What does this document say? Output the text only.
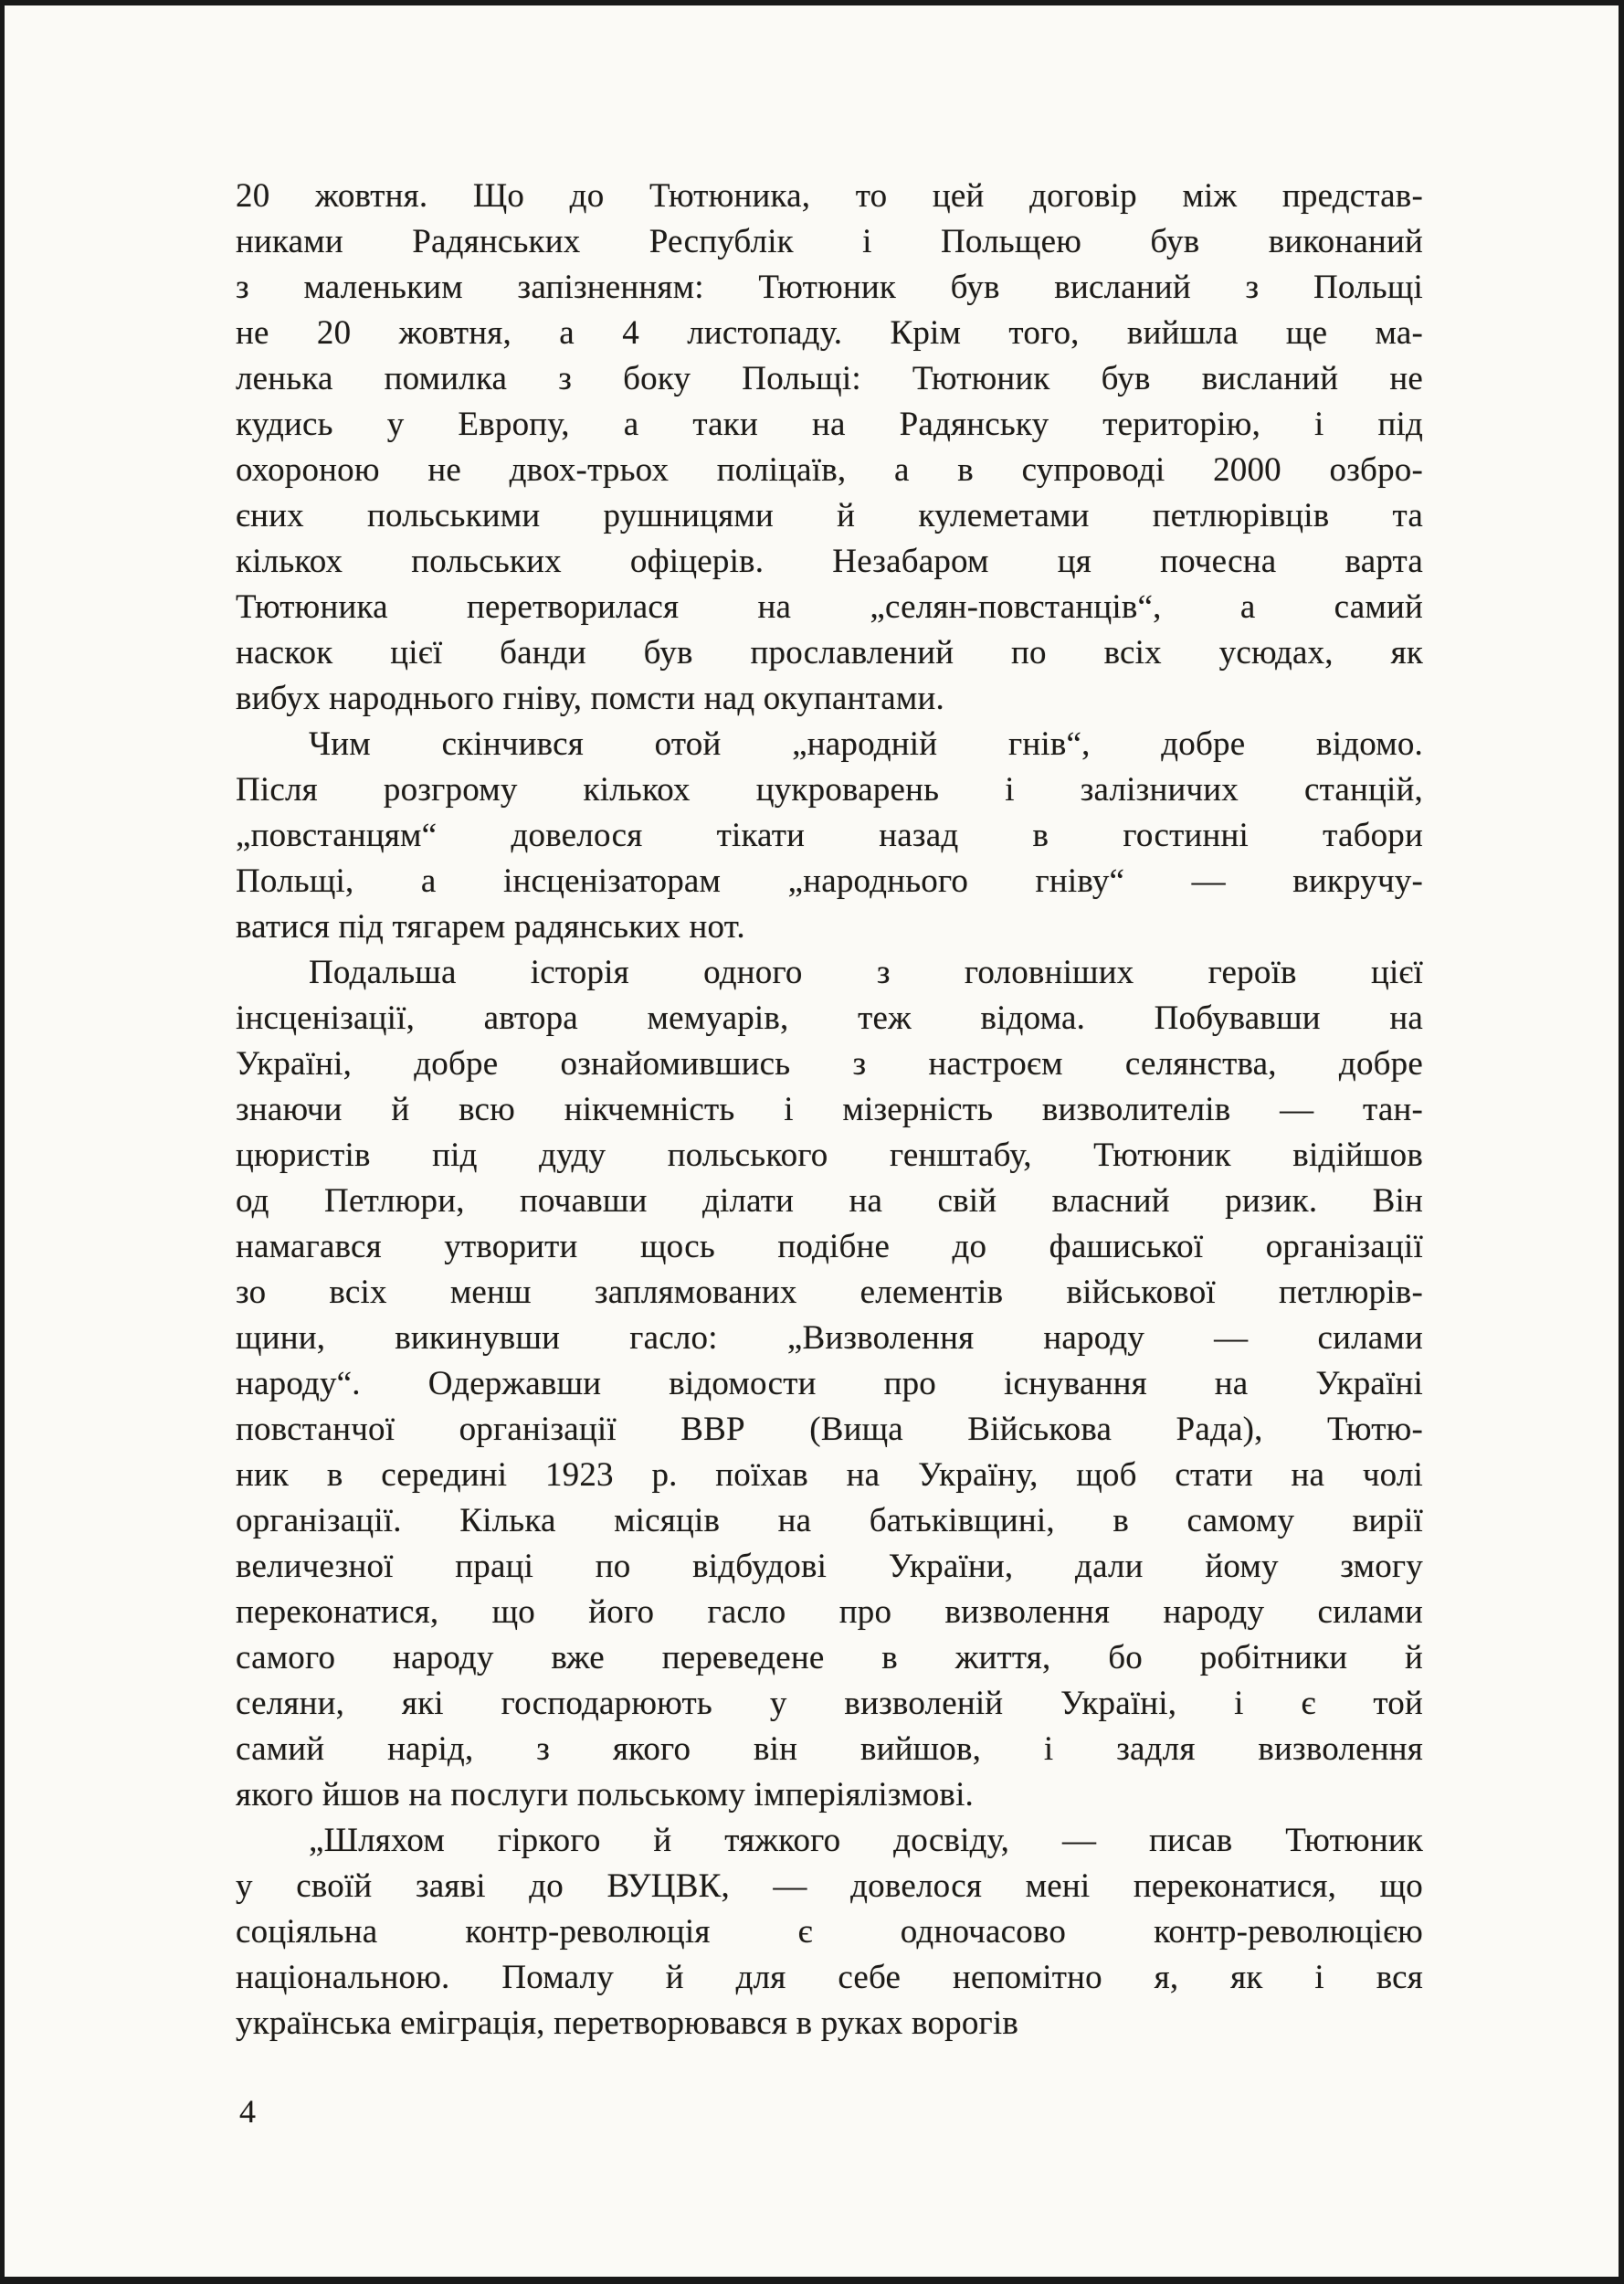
20 жовтня. Що до Тютюника, то цей договір між представ-
никами Радянських Республік і Польщею був виконаний
з маленьким запізненням: Тютюник був висланий з Польщі
не 20 жовтня, а 4 листопаду. Крім того, вийшла ще ма-
ленька помилка з боку Польщі: Тютюник був висланий не
кудись у Европу, а таки на Радянську територію, і під
охороною не двох-трьох поліцаїв, а в супроводі 2000 озбро-
єних польськими рушницями й кулеметами петлюрівців та
кількох польських офіцерів. Незабаром ця почесна варта
Тютюника перетворилася на „селян-повстанців“, а самий
наскок цієї банди був прославлений по всіх усюдах, як
вибух народнього гніву, помсти над окупантами.
Чим скінчився отой „народній гнів“, добре відомо.
Після розгрому кількох цукроварень і залізничих станцій,
„повстанцям“ довелося тікати назад в гостинні табори
Польщі, а інсценізаторам „народнього гніву“ — викручу-
ватися під тягарем радянських нот.
Подальша історія одного з головніших героїв цієї
інсценізації, автора мемуарів, теж відома. Побувавши на
Україні, добре ознайомившись з настроєм селянства, добре
знаючи й всю нікчемність і мізерність визволителів — тан-
цюристів під дуду польського генштабу, Тютюник відійшов
од Петлюри, почавши ділати на свій власний ризик. Він
намагався утворити щось подібне до фашиської організації
зо всіх менш заплямованих елементів військової петлюрів-
щини, викинувши гасло: „Визволення народу — силами
народу“. Одержавши відомости про існування на Україні
повстанчої організації ВВР (Вища Військова Рада), Тютю-
ник в середині 1923 р. поїхав на Україну, щоб стати на чолі
організації. Кілька місяців на батьківщині, в самому вирії
величезної праці по відбудові України, дали йому змогу
переконатися, що його гасло про визволення народу силами
самого народу вже переведене в життя, бо робітники й
селяни, які господарюють у визволеній Україні, і є той
самий нарід, з якого він вийшов, і задля визволення
якого йшов на послуги польському імперіялізмові.
„Шляхом гіркого й тяжкого досвіду, — писав Тютюник
у своїй заяві до ВУЦВК, — довелося мені переконатися, що
соціяльна контр-революція є одночасово контр-революцією
національною. Помалу й для себе непомітно я, як і вся
українська еміграція, перетворювався в руках ворогів
4
